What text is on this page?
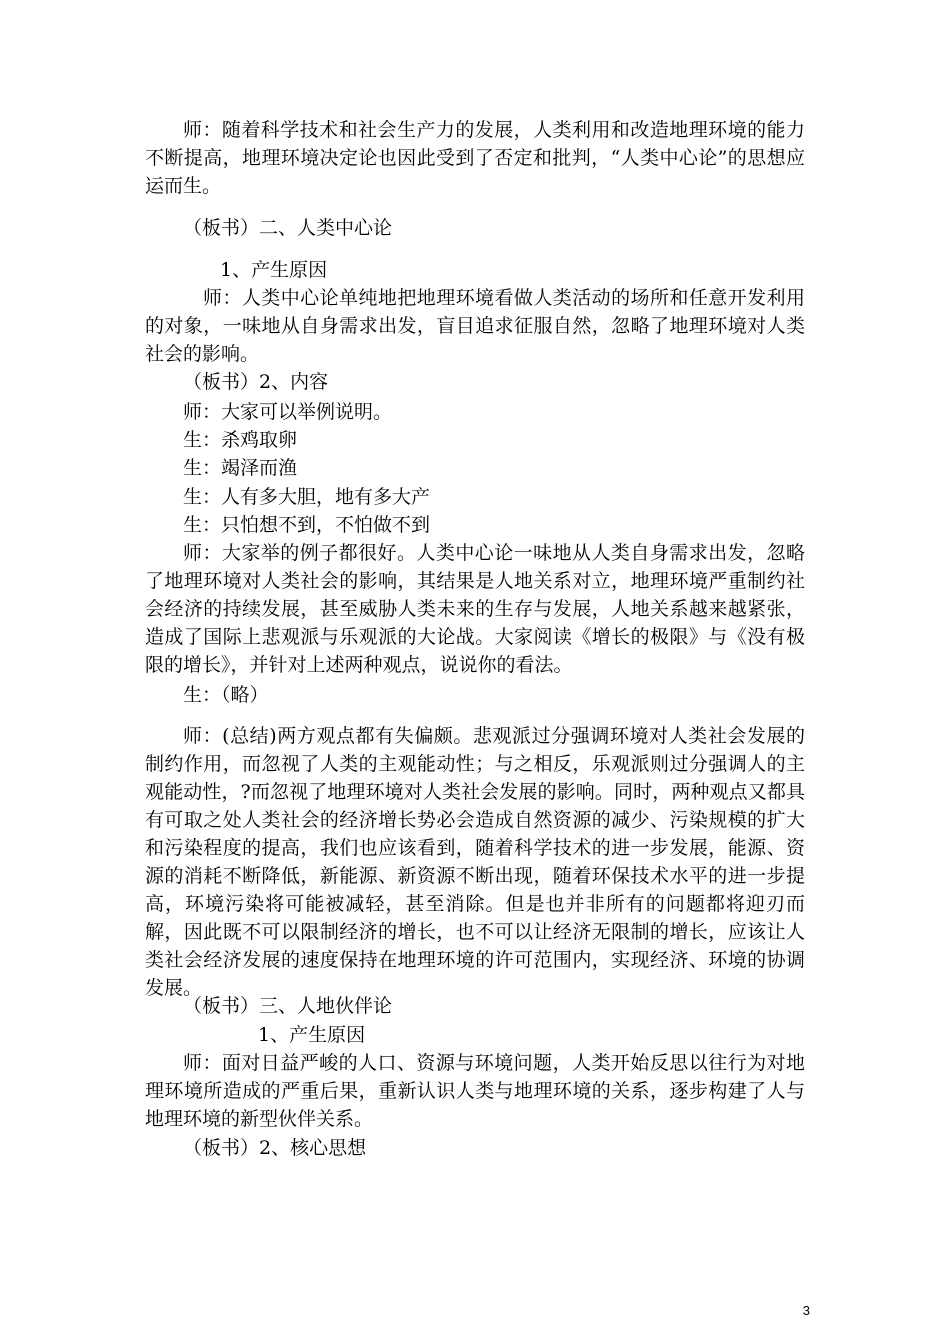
师：随着科学技术和社会生产力的发展，人类利用和改造地理环境的能力不断提高，地理环境决定论也因此受到了否定和批判，“人类中心论”的思想应运而生。

（板书）二、人类中心论

1、产生原因

师：人类中心论单纯地把地理环境看做人类活动的场所和任意开发利用的对象，一味地从自身需求出发，盲目追求征服自然，忽略了地理环境对人类社会的影响。

（板书）2、内容

师：大家可以举例说明。

生：杀鸡取卵

生：竭泽而渔

生：人有多大胆，地有多大产

生：只怕想不到，不怕做不到

师：大家举的例子都很好。人类中心论一味地从人类自身需求出发，忽略了地理环境对人类社会的影响，其结果是人地关系对立，地理环境严重制约社会经济的持续发展，甚至威胁人类未来的生存与发展，人地关系越来越紧张，造成了国际上悲观派与乐观派的大论战。大家阅读《增长的极限》与《没有极限的增长》，并针对上述两种观点，说说你的看法。

生：（略）

师：(总结)两方观点都有失偏颇。悲观派过分强调环境对人类社会发展的制约作用，而忽视了人类的主观能动性；与之相反，乐观派则过分强调人的主观能动性，?而忽视了地理环境对人类社会发展的影响。同时，两种观点又都具有可取之处人类社会的经济增长势必会造成自然资源的减少、污染规模的扩大和污染程度的提高，我们也应该看到，随着科学技术的进一步发展，能源、资源的消耗不断降低，新能源、新资源不断出现，随着环保技术水平的进一步提高，环境污染将可能被减轻，甚至消除。但是也并非所有的问题都将迎刃而解，因此既不可以限制经济的增长，也不可以让经济无限制的增长，应该让人类社会经济发展的速度保持在地理环境的许可范围内，实现经济、环境的协调发展。

（板书）三、人地伙伴论

1、产生原因

师：面对日益严峻的人口、资源与环境问题，人类开始反思以往行为对地理环境所造成的严重后果，重新认识人类与地理环境的关系，逐步构建了人与地理环境的新型伙伴关系。

（板书）2、核心思想

3
